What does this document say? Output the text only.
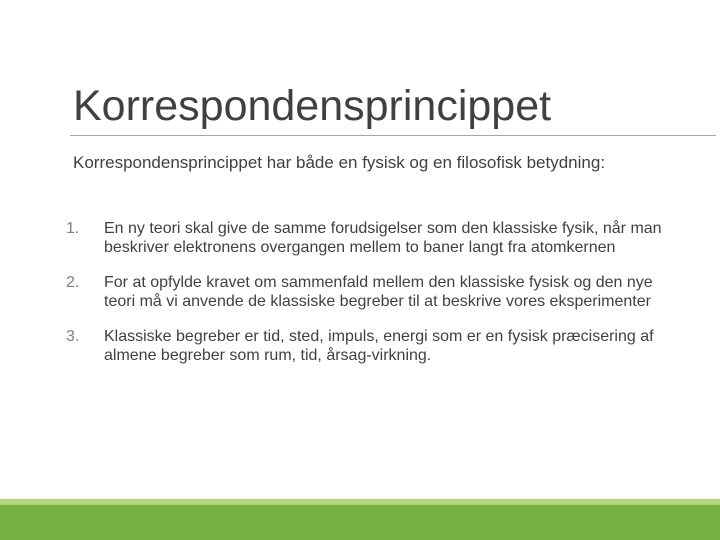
Korrespondensprincippet

Korrespondensprincippet har både en fysisk og en filosofisk betydning:

1.	En ny teori skal give de samme forudsigelser som den klassiske fysik, når man beskriver elektronens overgangen mellem to baner langt fra atomkernen
2.	For at opfylde kravet om sammenfald mellem den klassiske fysisk og den nye teori må vi anvende de klassiske begreber til at beskrive vores eksperimenter
3.	Klassiske begreber er tid, sted, impuls, energi som er en fysisk præcisering af almene begreber som rum, tid, årsag-virkning.
